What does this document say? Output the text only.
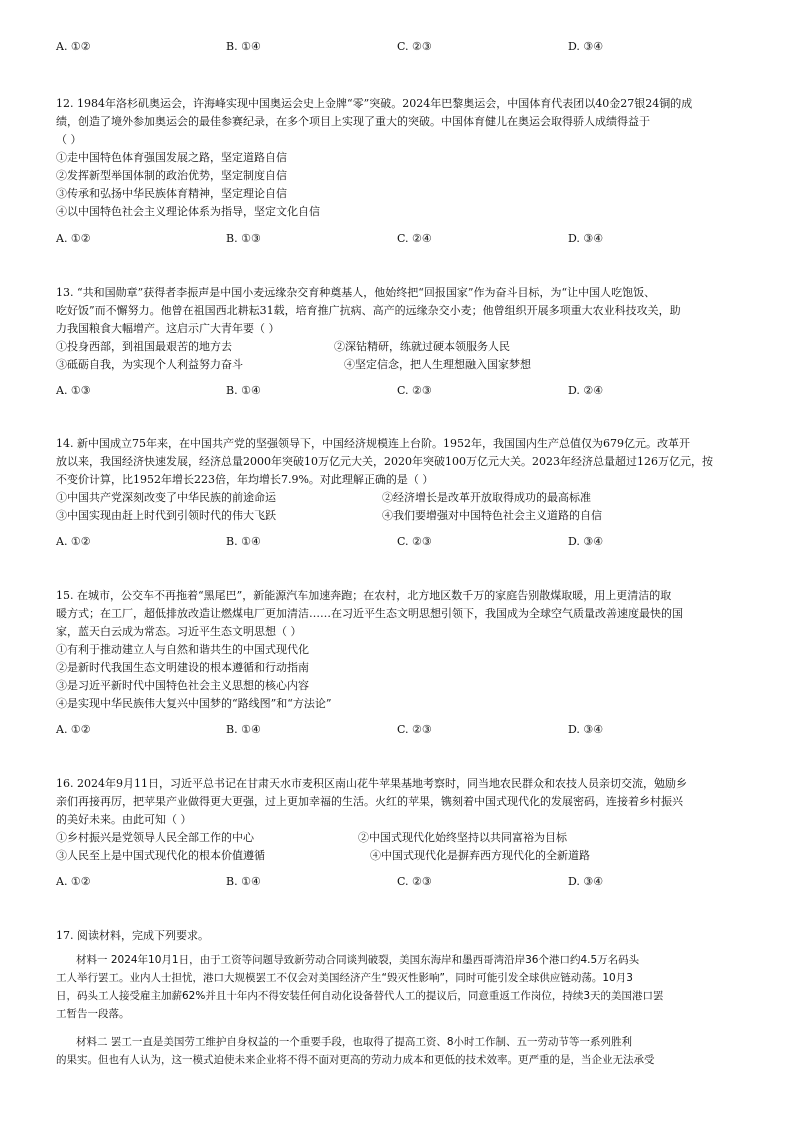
A. ①②	B. ①④	C. ②③	D. ③④
12. 1984年洛杉矶奥运会，许海峰实现中国奥运会史上金牌“零”突破。2024年巴黎奥运会，中国体育代表团以40金27银24铜的成
绩，创造了境外参加奥运会的最佳参赛纪录，在多个项目上实现了重大的突破。中国体育健儿在奥运会取得骄人成绩得益于
（ ）
①走中国特色体育强国发展之路，坚定道路自信
②发挥新型举国体制的政治优势，坚定制度自信
③传承和弘扬中华民族体育精神，坚定理论自信
④以中国特色社会主义理论体系为指导，坚定文化自信
A. ①②	B. ①③	C. ②④	D. ③④
13. “共和国勋章”获得者李振声是中国小麦远缘杂交育种奠基人，他始终把“回报国家”作为奋斗目标，为“让中国人吃饱饭、
吃好饭”而不懈努力。他曾在祖国西北耕耘31载，培育推广抗病、高产的远缘杂交小麦；他曾组织开展多项重大农业科技攻关，助
力我国粮食大幅增产。这启示广大青年要（ ）
①投身西部，到祖国最艰苦的地方去	②深钻精研，练就过硬本领服务人民
③砥砺自我，为实现个人利益努力奋斗	④坚定信念，把人生理想融入国家梦想
A. ①③	B. ①④	C. ②③	D. ②④
14. 新中国成立75年来，在中国共产党的坚强领导下，中国经济规模连上台阶。1952年，我国国内生产总值仅为679亿元。改革开
放以来，我国经济快速发展，经济总量2000年突破10万亿元大关，2020年突破100万亿元大关。2023年经济总量超过126万亿元，按
不变价计算，比1952年增长223倍，年均增长7.9%。对此理解正确的是（ ）
①中国共产党深刻改变了中华民族的前途命运	②经济增长是改革开放取得成功的最高标准
③中国实现由赶上时代到引领时代的伟大飞跃	④我们要增强对中国特色社会主义道路的自信
A. ①②	B. ①④	C. ②③	D. ③④
15. 在城市，公交车不再拖着“黑尾巴”，新能源汽车加速奔跑；在农村，北方地区数千万的家庭告别散煤取暖，用上更清洁的取
暖方式；在工厂，超低排放改造让燃煤电厂更加清洁……在习近平生态文明思想引领下，我国成为全球空气质量改善速度最快的国
家，蓝天白云成为常态。习近平生态文明思想（ ）
①有利于推动建立人与自然和谐共生的中国式现代化
②是新时代我国生态文明建设的根本遵循和行动指南
③是习近平新时代中国特色社会主义思想的核心内容
④是实现中华民族伟大复兴中国梦的“路线图”和“方法论”
A. ①②	B. ①④	C. ②③	D. ③④
16. 2024年9月11日，习近平总书记在甘肃天水市麦积区南山花牛苹果基地考察时，同当地农民群众和农技人员亲切交流，勉励乡
亲们再接再厉，把苹果产业做得更大更强，过上更加幸福的生活。火红的苹果，镌刻着中国式现代化的发展密码，连接着乡村振兴
的美好未来。由此可知（ ）
①乡村振兴是党领导人民全部工作的中心	②中国式现代化始终坚持以共同富裕为目标
③人民至上是中国式现代化的根本价值遵循	④中国式现代化是摒弃西方现代化的全新道路
A. ①②	B. ①④	C. ②③	D. ③④
17. 阅读材料，完成下列要求。
材料一 2024年10月1日，由于工资等问题导致新劳动合同谈判破裂，美国东海岸和墨西哥湾沿岸36个港口约4.5万名码头
工人举行罢工。业内人士担忧，港口大规模罢工不仅会对美国经济产生“毁灭性影响”，同时可能引发全球供应链动荡。10月3
日，码头工人接受雇主加薪62%并且十年内不得安装任何自动化设备替代人工的提议后，同意重返工作岗位，持续3天的美国港口罢
工暂告一段落。
材料二 罢工一直是美国劳工维护自身权益的一个重要手段，也取得了提高工资、8小时工作制、五一劳动节等一系列胜利
的果实。但也有人认为，这一模式迫使未来企业将不得不面对更高的劳动力成本和更低的技术效率。更严重的是，当企业无法承受
